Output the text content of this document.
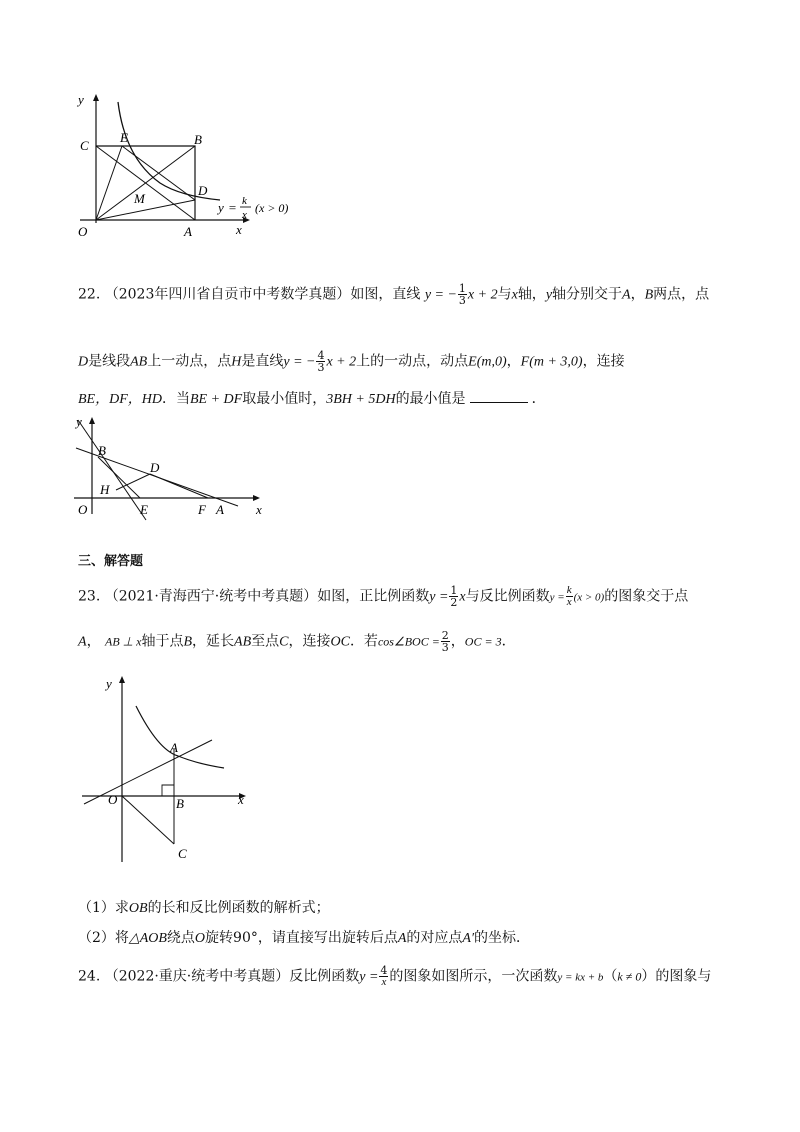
y
C
E	B
M
D
O	A	x
y = k
x (x > 0)
22. （2023年四川省自贡市中考数学真题）如图，直线 y = − $\frac{1}{3}$ x + 2与x轴，y轴分别交于A，B两点，点
D是线段AB上一动点，点H是直线y = − $\frac{4}{3}$ x + 2上的一动点，动点E(m,0)，F(m + 3,0)，连接
BE，DF，HD．当BE + DF取最小值时，3BH + 5DH的最小值是	．
y
B
D
H
O	E	F A x
三、解答题
23. （2021·青海西宁·统考中考真题）如图，正比例函数$y = \frac{1}{2}$ x与反比例函数$y = \frac{k}{x} (x > 0)$的图象交于点
A， AB ⊥ x轴于点B，延长AB至点C，连接OC．若cos∠BOC = $\frac{2}{3}$ ，OC = 3．
y
A
O	B	x
C
（1）求OB的长和反比例函数的解析式；
（2）将△AOB绕点O旋转90°，请直接写出旋转后点A的对应点A′的坐标．
24. （2022·重庆·统考中考真题）反比例函数$y = \frac{4}{x}$ 的图象如图所示，一次函数y = kx + b（k ≠ 0）的图象与
